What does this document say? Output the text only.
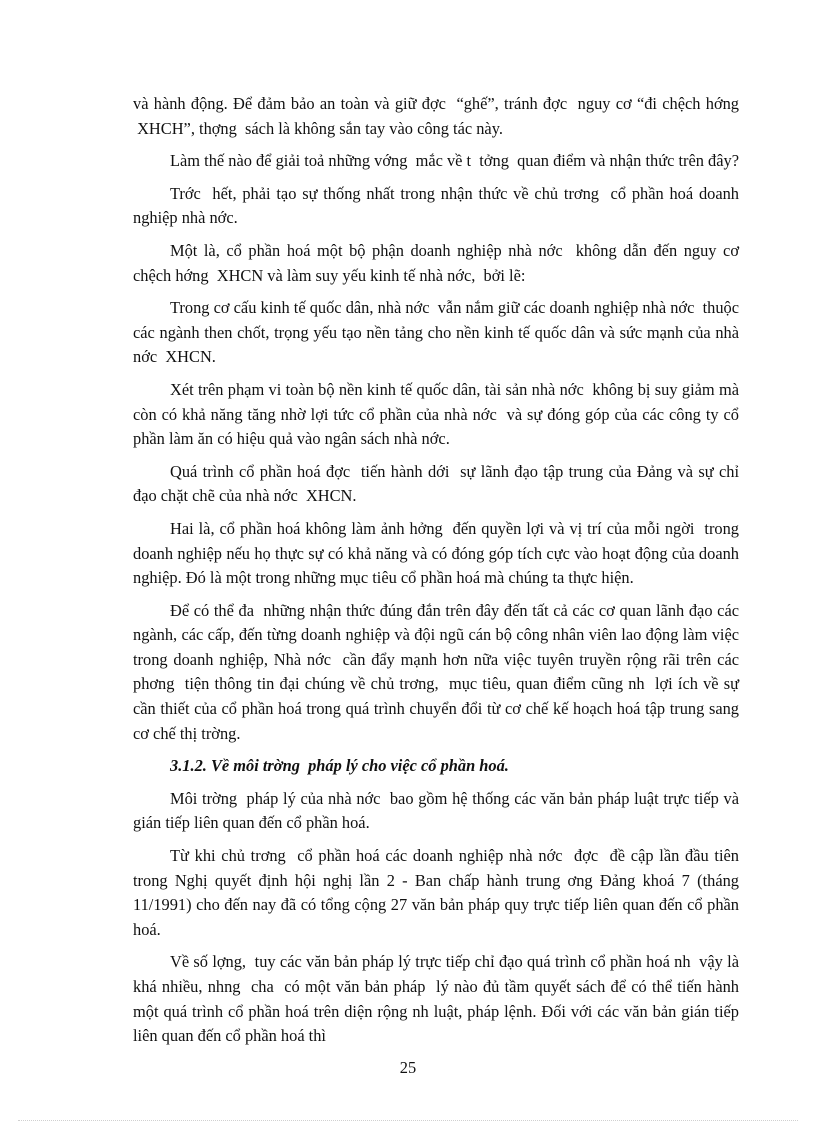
và hành động. Để đảm bảo an toàn và giữ đợc  “ghế”, tránh đợc  nguy cơ “đi chệch hớng  XHCH”, thợng  sách là không sắn tay vào công tác này.

Làm thế nào để giải toả những vớng  mắc về t  tởng  quan điểm và nhận thức trên đây?

Trớc  hết, phải tạo sự thống nhất trong nhận thức về chủ trơng  cổ phần hoá doanh nghiệp nhà nớc.

Một là, cổ phần hoá một bộ phận doanh nghiệp nhà nớc  không dẫn đến nguy cơ chệch hớng  XHCN và làm suy yếu kinh tế nhà nớc,  bởi lẽ:

Trong cơ cấu kinh tế quốc dân, nhà nớc  vẫn nắm giữ các doanh nghiệp nhà nớc  thuộc các ngành then chốt, trọng yếu tạo nền tảng cho nền kinh tế quốc dân và sức mạnh của nhà nớc  XHCN.

Xét trên phạm vi toàn bộ nền kinh tế quốc dân, tài sản nhà nớc  không bị suy giảm mà còn có khả năng tăng nhờ lợi tức cổ phần của nhà nớc  và sự đóng góp của các công ty cổ phần làm ăn có hiệu quả vào ngân sách nhà nớc.

Quá trình cổ phần hoá đợc  tiến hành dới  sự lãnh đạo tập trung của Đảng và sự chỉ đạo chặt chẽ của nhà nớc  XHCN.

Hai là, cổ phần hoá không làm ảnh hởng  đến quyền lợi và vị trí của mỗi ngời  trong doanh nghiệp nếu họ thực sự có khả năng và có đóng góp tích cực vào hoạt động của doanh nghiệp. Đó là một trong những mục tiêu cổ phần hoá mà chúng ta thực hiện.

Để có thể đa  những nhận thức đúng đắn trên đây đến tất cả các cơ quan lãnh đạo các ngành, các cấp, đến từng doanh nghiệp và đội ngũ cán bộ công nhân viên lao động làm việc trong doanh nghiệp, Nhà nớc  cần đẩy mạnh hơn nữa việc tuyên truyền rộng rãi trên các phơng  tiện thông tin đại chúng về chủ trơng,  mục tiêu, quan điểm cũng nh  lợi ích về sự cần thiết của cổ phần hoá trong quá trình chuyển đổi từ cơ chế kế hoạch hoá tập trung sang cơ chế thị trờng.

3.1.2. Về môi trờng  pháp lý cho việc cổ phần hoá.

Môi trờng  pháp lý của nhà nớc  bao gồm hệ thống các văn bản pháp luật trực tiếp và gián tiếp liên quan đến cổ phần hoá.

Từ khi chủ trơng  cổ phần hoá các doanh nghiệp nhà nớc  đợc  đề cập lần đầu tiên trong Nghị quyết định hội nghị lần 2 - Ban chấp hành trung ơng Đảng khoá 7 (tháng 11/1991) cho đến nay đã có tổng cộng 27 văn bản pháp quy trực tiếp liên quan đến cổ phần hoá.

Về số lợng,  tuy các văn bản pháp lý trực tiếp chỉ đạo quá trình cổ phần hoá nh  vậy là khá nhiều, nhng  cha  có một văn bản pháp  lý nào đủ tầm quyết sách để có thể tiến hành một quá trình cổ phần hoá trên diện rộng nh luật, pháp lệnh. Đối với các văn bản gián tiếp liên quan đến cổ phần hoá thì

25
